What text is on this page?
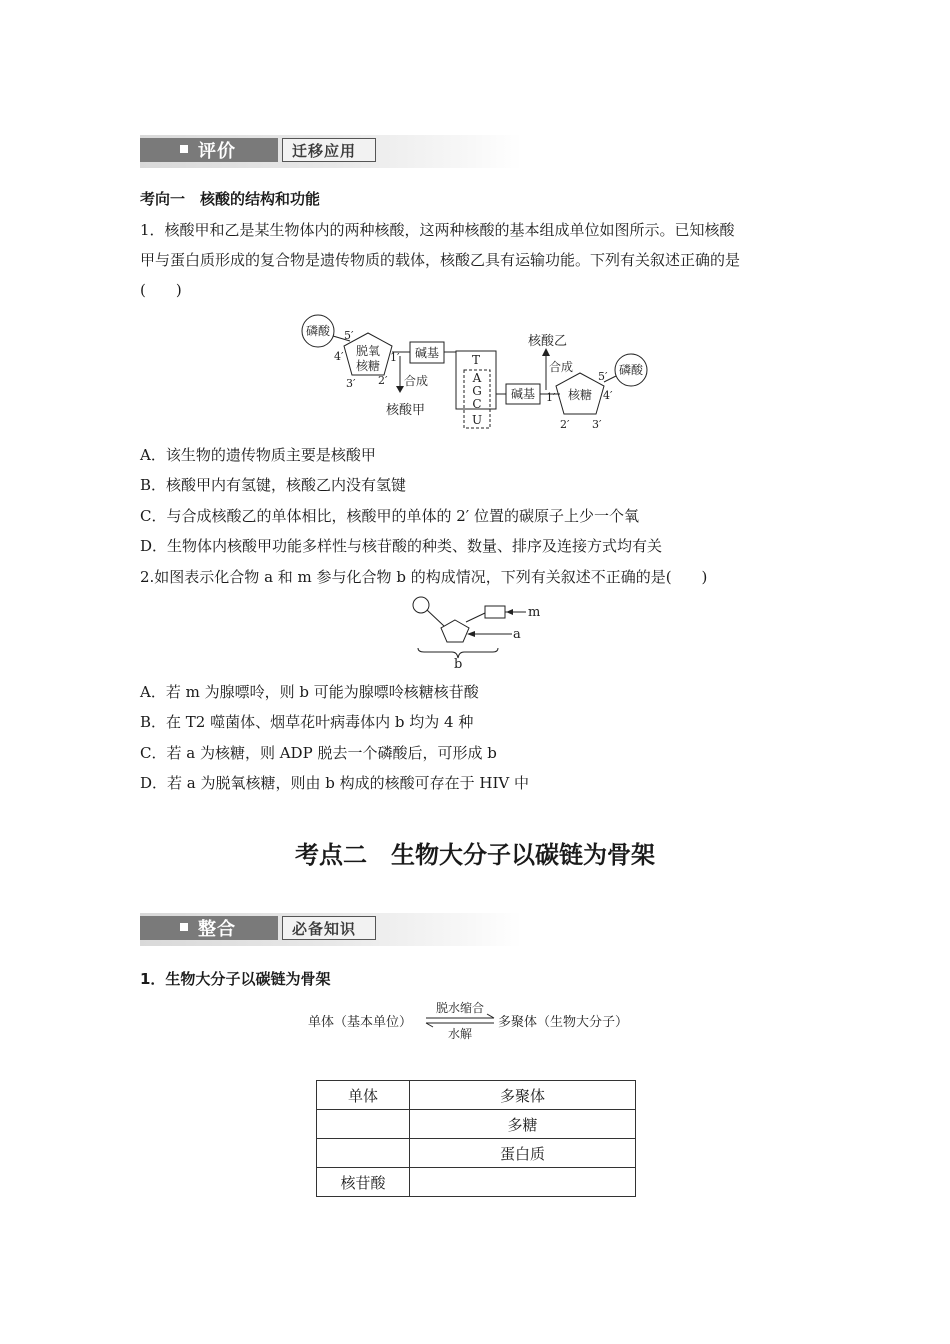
评价	迁移应用
考向一　核酸的结构和功能
1．核酸甲和乙是某生物体内的两种核酸，这两种核酸的基本组成单位如图所示。已知核酸
甲与蛋白质形成的复合物是遗传物质的载体，核酸乙具有运输功能。下列有关叙述正确的是
(　　)
磷酸 5′
4′
3′ 2′
1′
脱氧
核糖
碱基
合成
核酸甲
T
A
G
C
U
碱基
合成
核酸乙
核糖
1′
2′ 3′
4′
5′ 磷酸
A．该生物的遗传物质主要是核酸甲
B．核酸甲内有氢键，核酸乙内没有氢键
C．与合成核酸乙的单体相比，核酸甲的单体的 2′ 位置的碳原子上少一个氧
D．生物体内核酸甲功能多样性与核苷酸的种类、数量、排序及连接方式均有关
2.如图表示化合物 a 和 m 参与化合物 b 的构成情况，下列有关叙述不正确的是(　　)
m
a
b
A．若 m 为腺嘌呤，则 b 可能为腺嘌呤核糖核苷酸
B．在 T2 噬菌体、烟草花叶病毒体内 b 均为 4 种
C．若 a 为核糖，则 ADP 脱去一个磷酸后，可形成 b
D．若 a 为脱氧核糖，则由 b 构成的核酸可存在于 HIV 中
考点二　生物大分子以碳链为骨架
整合	必备知识
1．生物大分子以碳链为骨架
单体（基本单位）
脱水缩合
水解
多聚体（生物大分子）
单体	多聚体
	多糖
	蛋白质
核苷酸	
